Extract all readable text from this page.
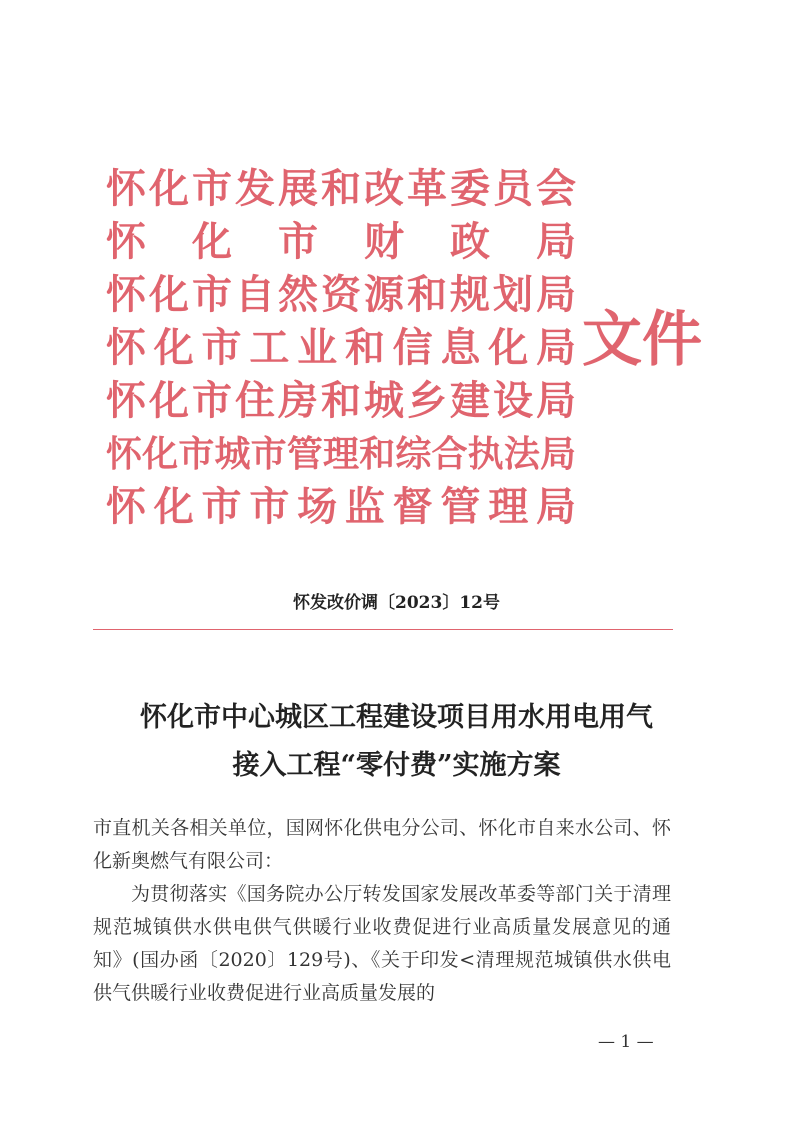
怀化市发展和改革委员会
怀化市财政局
怀化市自然资源和规划局
怀化市工业和信息化局
怀化市住房和城乡建设局
怀化市城市管理和综合执法局
怀化市市场监督管理局
文件
怀发改价调〔2023〕12号
怀化市中心城区工程建设项目用水用电用气
接入工程“零付费”实施方案

市直机关各相关单位，国网怀化供电分公司、怀化市自来水公司、怀化新奥燃气有限公司：

为贯彻落实《国务院办公厅转发国家发展改革委等部门关于清理规范城镇供水供电供气供暖行业收费促进行业高质量发展意见的通知》(国办函〔2020〕129号)、《关于印发<清理规范城镇供水供电供气供暖行业收费促进行业高质量发展的

— 1 —
